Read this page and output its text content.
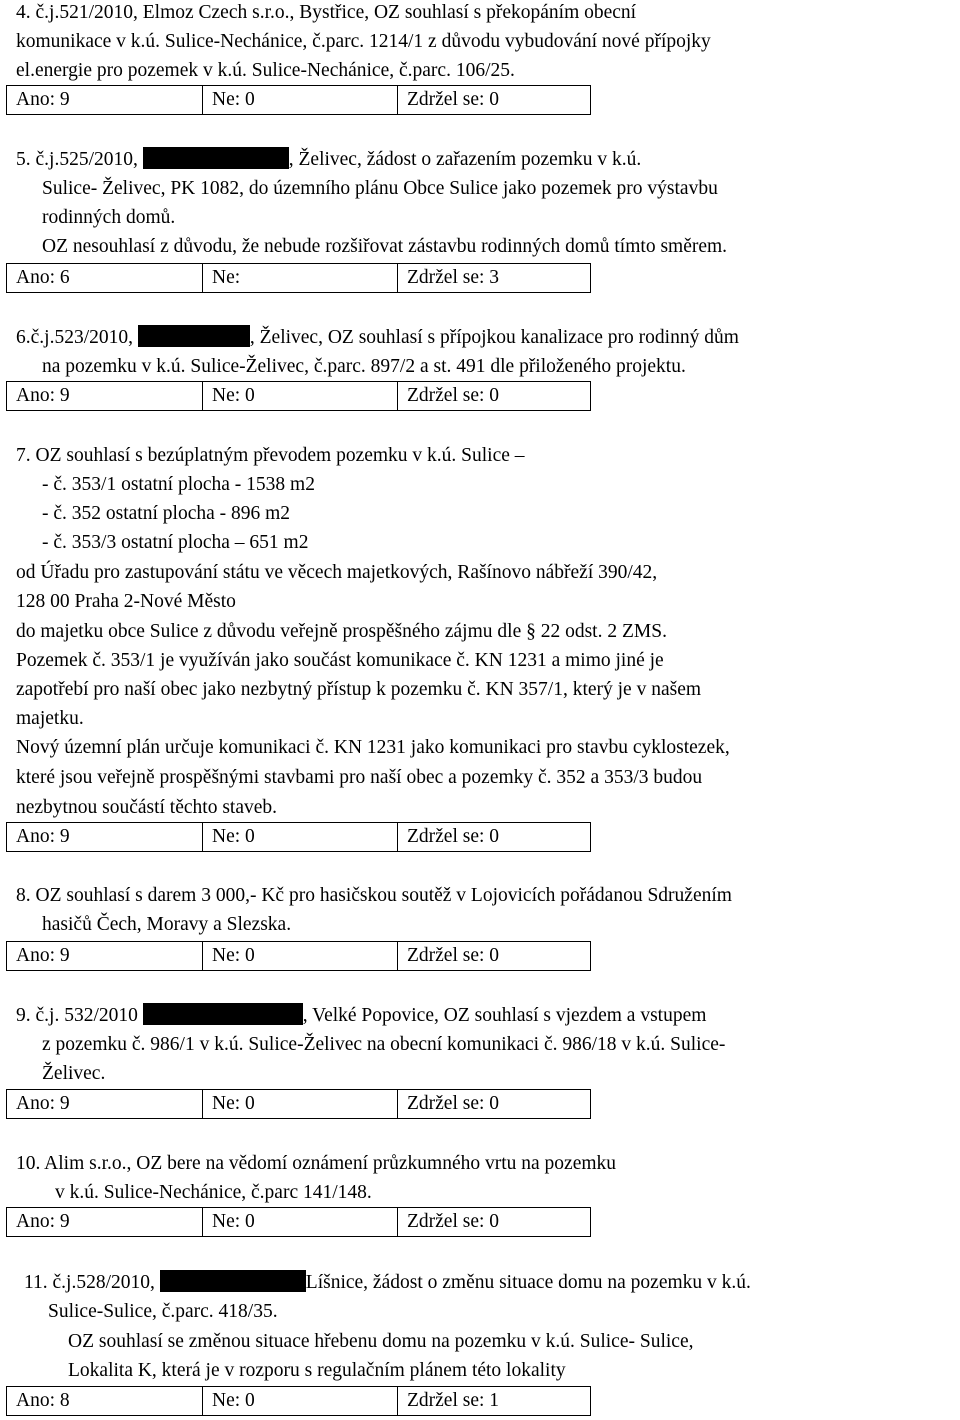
4. č.j.521/2010, Elmoz Czech s.r.o., Bystřice, OZ souhlasí s překopáním obecní

komunikace v k.ú. Sulice-Nechánice, č.parc. 1214/1 z důvodu vybudování nové přípojky

el.energie pro pozemek v k.ú. Sulice-Nechánice, č.parc. 106/25.

Ano: 9	Ne: 0	Zdržel se: 0

5. č.j.525/2010,	, Želivec, žádost o zařazením pozemku v k.ú.

Sulice- Želivec, PK 1082, do územního plánu Obce Sulice jako pozemek pro výstavbu

rodinných domů.

OZ nesouhlasí z důvodu, že nebude rozšiřovat zástavbu rodinných domů tímto směrem.

Ano: 6	Ne:	Zdržel se: 3

6.č.j.523/2010,	, Želivec, OZ souhlasí s přípojkou kanalizace pro rodinný dům

na pozemku v k.ú. Sulice-Želivec, č.parc. 897/2 a st. 491 dle přiloženého projektu.

Ano: 9	Ne: 0	Zdržel se: 0

7. OZ souhlasí s bezúplatným převodem pozemku v k.ú. Sulice –

- č. 353/1 ostatní plocha - 1538 m2

- č. 352 ostatní plocha - 896 m2

- č. 353/3 ostatní plocha – 651 m2

od Úřadu pro zastupování státu ve věcech majetkových, Rašínovo nábřeží 390/42,

128 00 Praha 2-Nové Město

do majetku obce Sulice z důvodu veřejně prospěšného zájmu dle § 22 odst. 2 ZMS.

Pozemek č. 353/1 je využíván jako součást komunikace č. KN 1231 a mimo jiné je

zapotřebí pro naší obec jako nezbytný přístup k pozemku č. KN 357/1, který je v našem

majetku.

Nový územní plán určuje komunikaci č. KN 1231 jako komunikaci pro stavbu cyklostezek,

které jsou veřejně prospěšnými stavbami pro naší obec a pozemky č. 352 a 353/3 budou

nezbytnou součástí těchto staveb.

Ano: 9	Ne: 0	Zdržel se: 0

8. OZ souhlasí s darem 3 000,- Kč pro hasičskou soutěž v Lojovicích pořádanou Sdružením

hasičů Čech, Moravy a Slezska.

Ano: 9	Ne: 0	Zdržel se: 0

9. č.j. 532/2010	, Velké Popovice, OZ souhlasí s vjezdem a vstupem

z pozemku č. 986/1 v k.ú. Sulice-Želivec na obecní komunikaci č. 986/18 v k.ú. Sulice-

Želivec.

Ano: 9	Ne: 0	Zdržel se: 0

10. Alim s.r.o., OZ bere na vědomí oznámení průzkumného vrtu na pozemku

v k.ú. Sulice-Nechánice, č.parc 141/148.

Ano: 9	Ne: 0	Zdržel se: 0

11. č.j.528/2010,	Líšnice, žádost o změnu situace domu na pozemku v k.ú.

Sulice-Sulice, č.parc. 418/35.

OZ souhlasí se změnou situace hřebenu domu na pozemku v k.ú. Sulice- Sulice,

Lokalita K, která je v rozporu s regulačním plánem této lokality

Ano: 8	Ne: 0	Zdržel se: 1
